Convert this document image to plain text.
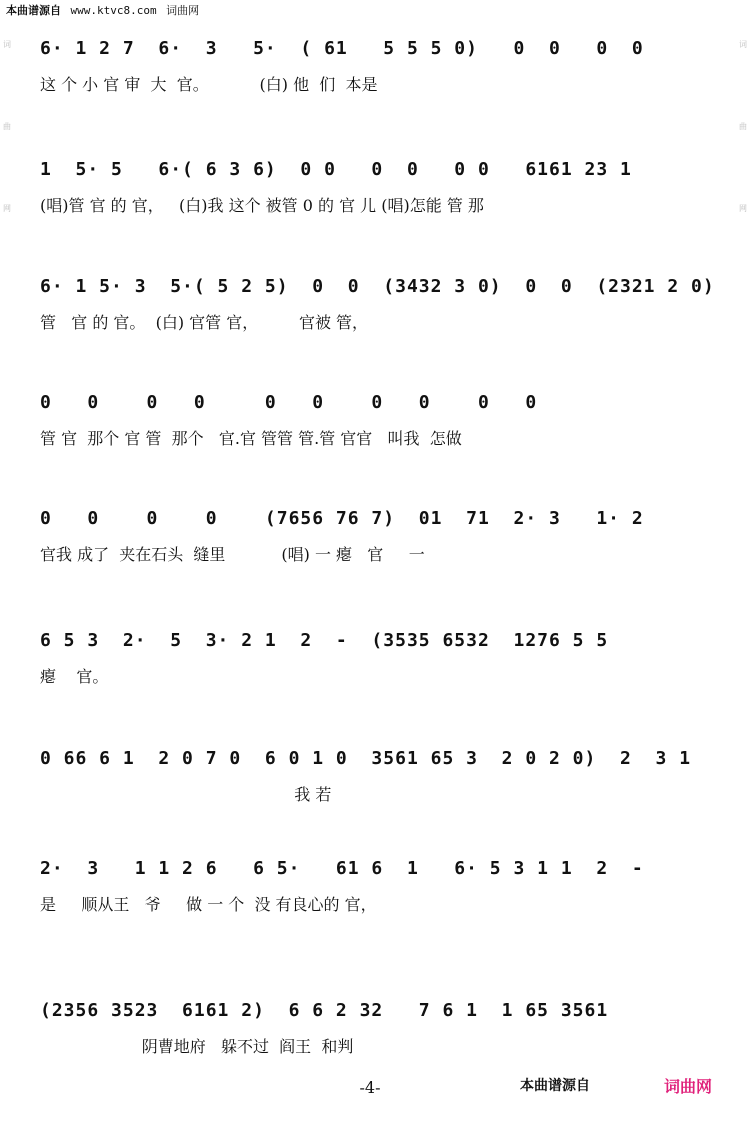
本曲谱源自 www.ktvc8.com 词曲网
词
曲
网
词
曲
网
6· 1 2 7  6·  3   5·  ( 61   5 5 5 0)   0  0   0  0
这 个 小 官 审  大  官。          (白) 他  们  本是
1  5· 5   6·( 6 3 6)  0 0   0  0   0 0   6161 23 1
(唱)管 官 的 官，   (白)我 这个 被管 0 的 官 儿 (唱)怎能 管 那
6· 1 5· 3  5·( 5 2 5)  0  0  (3432 3 0)  0  0  (2321 2 0)
管   官 的 官。  (白) 官管 官，        官被 管，
0   0    0   0     0   0    0   0    0   0
管 官  那个 官 管  那个   官.官 管管 管.管 官官   叫我  怎做
0   0    0    0    (7656 76 7)  01  71  2· 3   1· 2
官我 成了  夹在石头  缝里           (唱) 一 瘪   官     一
6 5 3  2·  5  3· 2 1  2  -  (3535 6532  1276 5 5
瘪    官。
0 66 6 1  2 0 7 0  6 0 1 0  3561 65 3  2 0 2 0)  2  3 1
我 若
2·  3   1 1 2 6   6 5·   61 6  1   6· 5 3 1 1  2  -
是     顺从王   爷     做 一 个  没 有良心的 官，
(2356 3523  6161 2)  6 6 2 32   7 6 1  1 65 3561
阴曹地府   躲不过  阎王  和判
-4-	本曲谱源自	词曲网
